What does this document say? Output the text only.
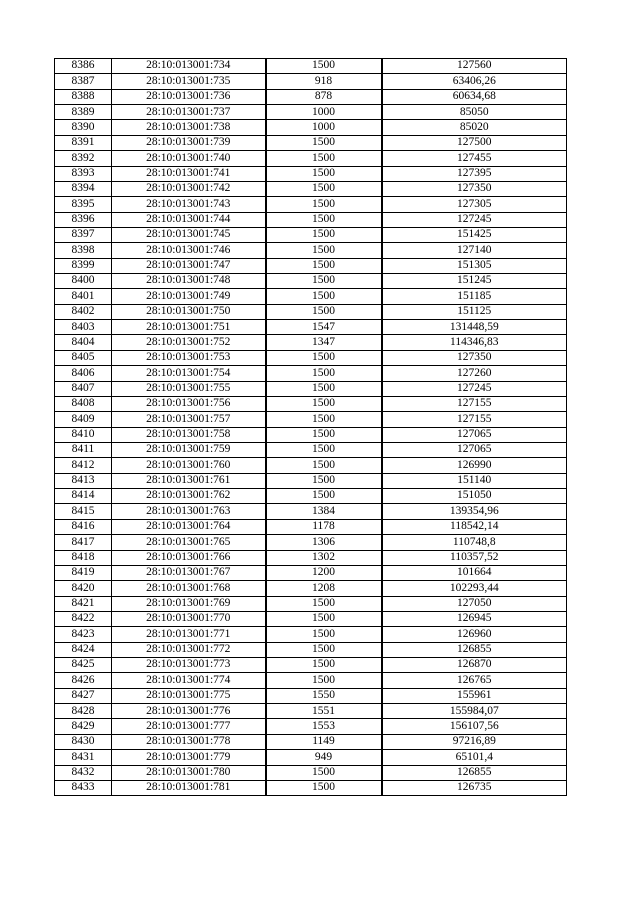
8386	28:10:013001:734	1500	127560
8387	28:10:013001:735	918	63406,26
8388	28:10:013001:736	878	60634,68
8389	28:10:013001:737	1000	85050
8390	28:10:013001:738	1000	85020
8391	28:10:013001:739	1500	127500
8392	28:10:013001:740	1500	127455
8393	28:10:013001:741	1500	127395
8394	28:10:013001:742	1500	127350
8395	28:10:013001:743	1500	127305
8396	28:10:013001:744	1500	127245
8397	28:10:013001:745	1500	151425
8398	28:10:013001:746	1500	127140
8399	28:10:013001:747	1500	151305
8400	28:10:013001:748	1500	151245
8401	28:10:013001:749	1500	151185
8402	28:10:013001:750	1500	151125
8403	28:10:013001:751	1547	131448,59
8404	28:10:013001:752	1347	114346,83
8405	28:10:013001:753	1500	127350
8406	28:10:013001:754	1500	127260
8407	28:10:013001:755	1500	127245
8408	28:10:013001:756	1500	127155
8409	28:10:013001:757	1500	127155
8410	28:10:013001:758	1500	127065
8411	28:10:013001:759	1500	127065
8412	28:10:013001:760	1500	126990
8413	28:10:013001:761	1500	151140
8414	28:10:013001:762	1500	151050
8415	28:10:013001:763	1384	139354,96
8416	28:10:013001:764	1178	118542,14
8417	28:10:013001:765	1306	110748,8
8418	28:10:013001:766	1302	110357,52
8419	28:10:013001:767	1200	101664
8420	28:10:013001:768	1208	102293,44
8421	28:10:013001:769	1500	127050
8422	28:10:013001:770	1500	126945
8423	28:10:013001:771	1500	126960
8424	28:10:013001:772	1500	126855
8425	28:10:013001:773	1500	126870
8426	28:10:013001:774	1500	126765
8427	28:10:013001:775	1550	155961
8428	28:10:013001:776	1551	155984,07
8429	28:10:013001:777	1553	156107,56
8430	28:10:013001:778	1149	97216,89
8431	28:10:013001:779	949	65101,4
8432	28:10:013001:780	1500	126855
8433	28:10:013001:781	1500	126735
